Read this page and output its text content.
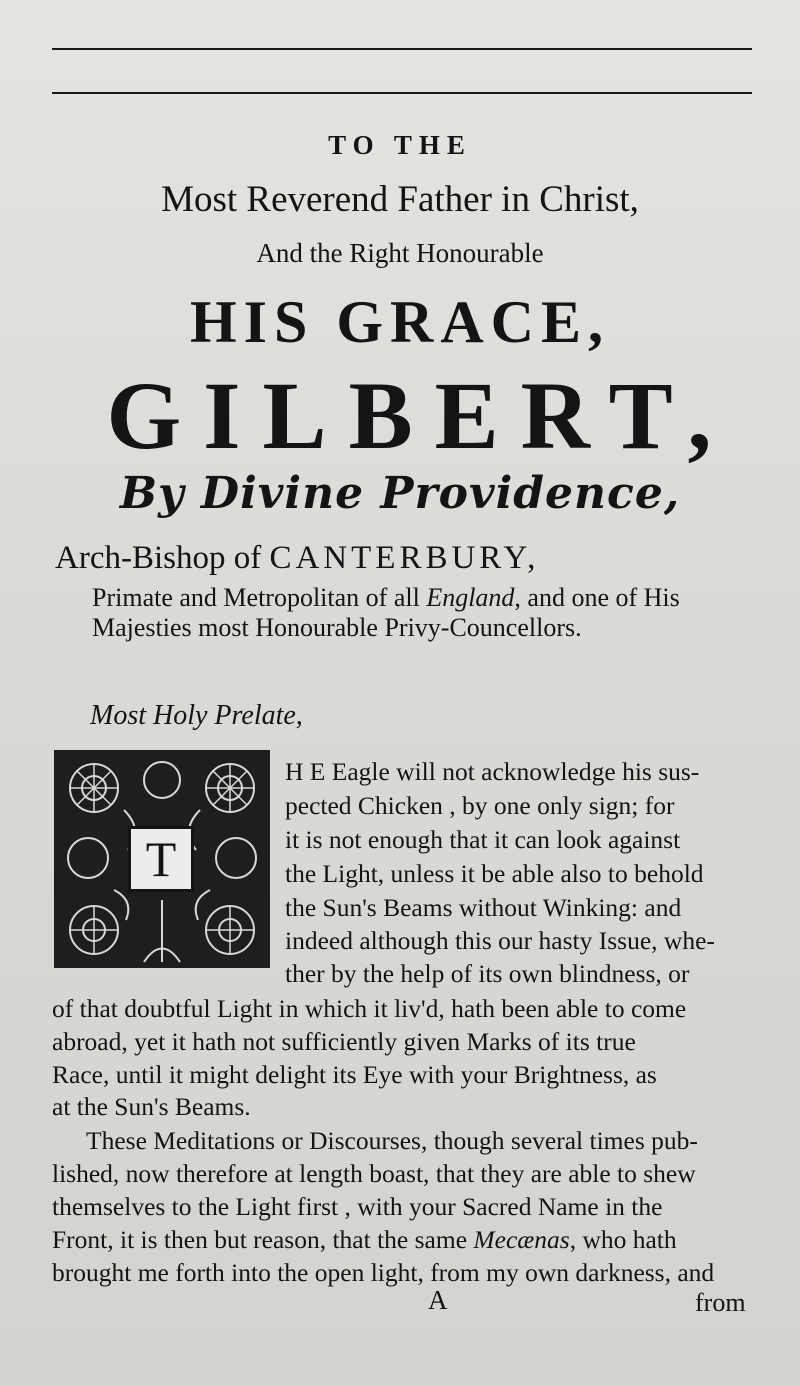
TO THE
Most Reverend Father in Christ,
And the Right Honourable
HIS GRACE,
GILBERT,
By Divine Providence,
Arch-Bishop of CANTERBURY,
Primate and Metropolitan of all England, and one of His
Majesties most Honourable Privy-Councellors.
Most Holy Prelate,
T
H E Eagle will not acknowledge his sus-
pected Chicken , by one only sign; for
it is not enough that it can look against
the Light, unless it be able also to behold
the Sun's Beams without Winking: and
indeed although this our hasty Issue, whe-
ther by the help of its own blindness, or
of that doubtful Light in which it liv'd, hath been able to come
abroad, yet it hath not sufficiently given Marks of its true
Race, until it might delight its Eye with your Brightness, as
at the Sun's Beams.
These Meditations or Discourses, though several times pub-
lished, now therefore at length boast, that they are able to shew
themselves to the Light first , with your Sacred Name in the
Front, it is then but reason, that the same Mecænas, who hath
brought me forth into the open light, from my own darkness, and
A	from
